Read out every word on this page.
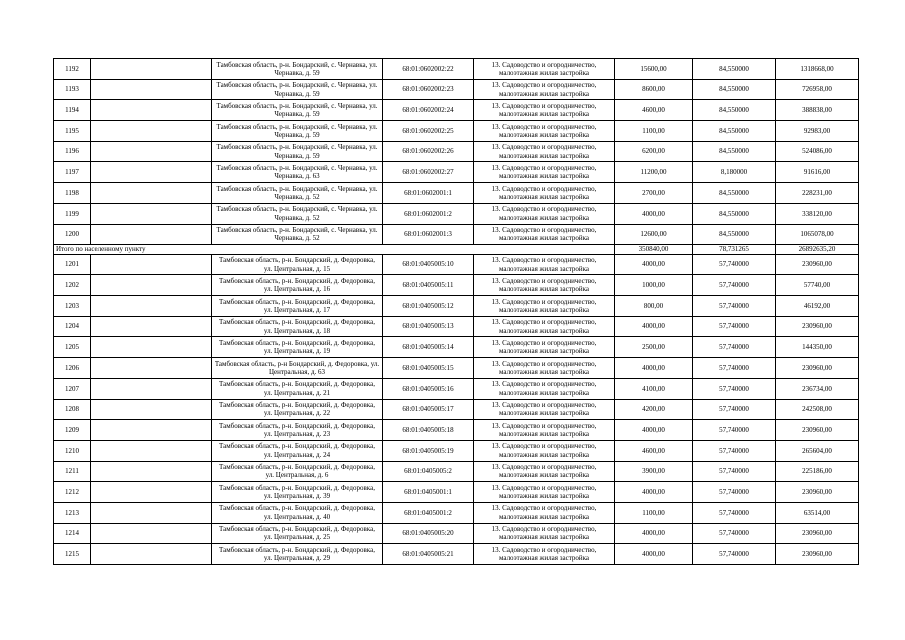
1192		Тамбовская область, р-н. Бондарский, с. Чернавка, ул. Чернавка, д. 59	68:01:0602002:22	13. Садоводство и огородничество, малоэтажная жилая застройка	15600,00	84,550000	1318668,00
1193		Тамбовская область, р-н. Бондарский, с. Чернавка, ул. Чернавка, д. 59	68:01:0602002:23	13. Садоводство и огородничество, малоэтажная жилая застройка	8600,00	84,550000	726958,00
1194		Тамбовская область, р-н. Бондарский, с. Чернавка, ул. Чернавка, д. 59	68:01:0602002:24	13. Садоводство и огородничество, малоэтажная жилая застройка	4600,00	84,550000	388838,00
1195		Тамбовская область, р-н. Бондарский, с. Чернавка, ул. Чернавка, д. 59	68:01:0602002:25	13. Садоводство и огородничество, малоэтажная жилая застройка	1100,00	84,550000	92983,00
1196		Тамбовская область, р-н. Бондарский, с. Чернавка, ул. Чернавка, д. 59	68:01:0602002:26	13. Садоводство и огородничество, малоэтажная жилая застройка	6200,00	84,550000	524086,00
1197		Тамбовская область, р-н. Бондарский, с. Чернавка, ул. Чернавка, д. 63	68:01:0602002:27	13. Садоводство и огородничество, малоэтажная жилая застройка	11200,00	8,180000	91616,00
1198		Тамбовская область, р-н. Бондарский, с. Чернавка, ул. Чернавка, д. 52	68:01:0602001:1	13. Садоводство и огородничество, малоэтажная жилая застройка	2700,00	84,550000	228231,00
1199		Тамбовская область, р-н. Бондарский, с. Чернавка, ул. Чернавка, д. 52	68:01:0602001:2	13. Садоводство и огородничество, малоэтажная жилая застройка	4000,00	84,550000	338120,00
1200		Тамбовская область, р-н. Бондарский, с. Чернавка, ул. Чернавка, д. 52	68:01:0602001:3	13. Садоводство и огородничество, малоэтажная жилая застройка	12600,00	84,550000	1065078,00
Итого по населенному пункту					350840,00	78,731265	26892635,20
1201		Тамбовская область, р-н. Бондарский, д. Федоровка, ул. Центральная, д. 15	68:01:0405005:10	13. Садоводство и огородничество, малоэтажная жилая застройка	4000,00	57,740000	230960,00
1202		Тамбовская область, р-н. Бондарский, д. Федоровка, ул. Центральная, д. 16	68:01:0405005:11	13. Садоводство и огородничество, малоэтажная жилая застройка	1000,00	57,740000	57740,00
1203		Тамбовская область, р-н. Бондарский, д. Федоровка, ул. Центральная, д. 17	68:01:0405005:12	13. Садоводство и огородничество, малоэтажная жилая застройка	800,00	57,740000	46192,00
1204		Тамбовская область, р-н. Бондарский, д. Федоровка, ул. Центральная, д. 18	68:01:0405005:13	13. Садоводство и огородничество, малоэтажная жилая застройка	4000,00	57,740000	230960,00
1205		Тамбовская область, р-н. Бондарский, д. Федоровка, ул. Центральная, д. 19	68:01:0405005:14	13. Садоводство и огородничество, малоэтажная жилая застройка	2500,00	57,740000	144350,00
1206		Тамбовская область, р-н Бондарский, д. Федоровка, ул. Центральная, д. 63	68:01:0405005:15	13. Садоводство и огородничество, малоэтажная жилая застройка	4000,00	57,740000	230960,00
1207		Тамбовская область, р-н. Бондарский, д. Федоровка, ул. Центральная, д. 21	68:01:0405005:16	13. Садоводство и огородничество, малоэтажная жилая застройка	4100,00	57,740000	236734,00
1208		Тамбовская область, р-н. Бондарский, д. Федоровка, ул. Центральная, д. 22	68:01:0405005:17	13. Садоводство и огородничество, малоэтажная жилая застройка	4200,00	57,740000	242508,00
1209		Тамбовская область, р-н. Бондарский, д. Федоровка, ул. Центральная, д. 23	68:01:0405005:18	13. Садоводство и огородничество, малоэтажная жилая застройка	4000,00	57,740000	230960,00
1210		Тамбовская область, р-н. Бондарский, д. Федоровка, ул. Центральная, д. 24	68:01:0405005:19	13. Садоводство и огородничество, малоэтажная жилая застройка	4600,00	57,740000	265604,00
1211		Тамбовская область, р-н. Бондарский, д. Федоровка, ул. Центральная, д. 6	68:01:0405005:2	13. Садоводство и огородничество, малоэтажная жилая застройка	3900,00	57,740000	225186,00
1212		Тамбовская область, р-н. Бондарский, д. Федоровка, ул. Центральная, д. 39	68:01:0405001:1	13. Садоводство и огородничество, малоэтажная жилая застройка	4000,00	57,740000	230960,00
1213		Тамбовская область, р-н. Бондарский, д. Федоровка, ул. Центральная, д. 40	68:01:0405001:2	13. Садоводство и огородничество, малоэтажная жилая застройка	1100,00	57,740000	63514,00
1214		Тамбовская область, р-н. Бондарский, д. Федоровка, ул. Центральная, д. 25	68:01:0405005:20	13. Садоводство и огородничество, малоэтажная жилая застройка	4000,00	57,740000	230960,00
1215		Тамбовская область, р-н. Бондарский, д. Федоровка, ул. Центральная, д. 29	68:01:0405005:21	13. Садоводство и огородничество, малоэтажная жилая застройка	4000,00	57,740000	230960,00
